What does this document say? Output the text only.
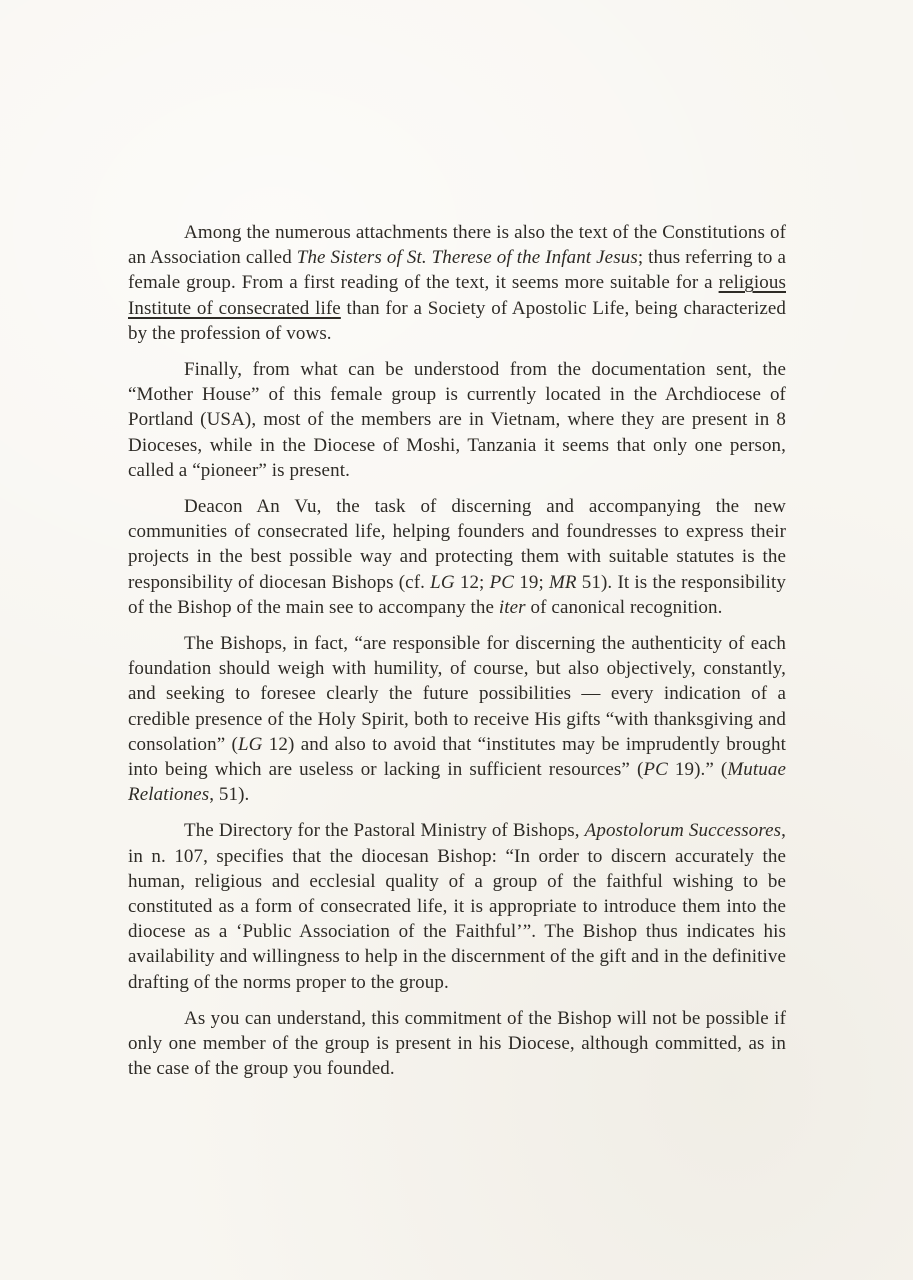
Among the numerous attachments there is also the text of the Constitutions of an Association called The Sisters of St. Therese of the Infant Jesus; thus referring to a female group. From a first reading of the text, it seems more suitable for a religious Institute of consecrated life than for a Society of Apostolic Life, being characterized by the profession of vows.

Finally, from what can be understood from the documentation sent, the “Mother House” of this female group is currently located in the Archdiocese of Portland (USA), most of the members are in Vietnam, where they are present in 8 Dioceses, while in the Diocese of Moshi, Tanzania it seems that only one person, called a “pioneer” is present.

Deacon An Vu, the task of discerning and accompanying the new communities of consecrated life, helping founders and foundresses to express their projects in the best possible way and protecting them with suitable statutes is the responsibility of diocesan Bishops (cf. LG 12; PC 19; MR 51). It is the responsibility of the Bishop of the main see to accompany the iter of canonical recognition.

The Bishops, in fact, “are responsible for discerning the authenticity of each foundation should weigh with humility, of course, but also objectively, constantly, and seeking to foresee clearly the future possibilities — every indication of a credible presence of the Holy Spirit, both to receive His gifts “with thanksgiving and consolation” (LG 12) and also to avoid that “institutes may be imprudently brought into being which are useless or lacking in sufficient resources” (PC 19).” (Mutuae Relationes, 51).

The Directory for the Pastoral Ministry of Bishops, Apostolorum Successores, in n. 107, specifies that the diocesan Bishop: “In order to discern accurately the human, religious and ecclesial quality of a group of the faithful wishing to be constituted as a form of consecrated life, it is appropriate to introduce them into the diocese as a ‘Public Association of the Faithful’”. The Bishop thus indicates his availability and willingness to help in the discernment of the gift and in the definitive drafting of the norms proper to the group.

As you can understand, this commitment of the Bishop will not be possible if only one member of the group is present in his Diocese, although committed, as in the case of the group you founded.
